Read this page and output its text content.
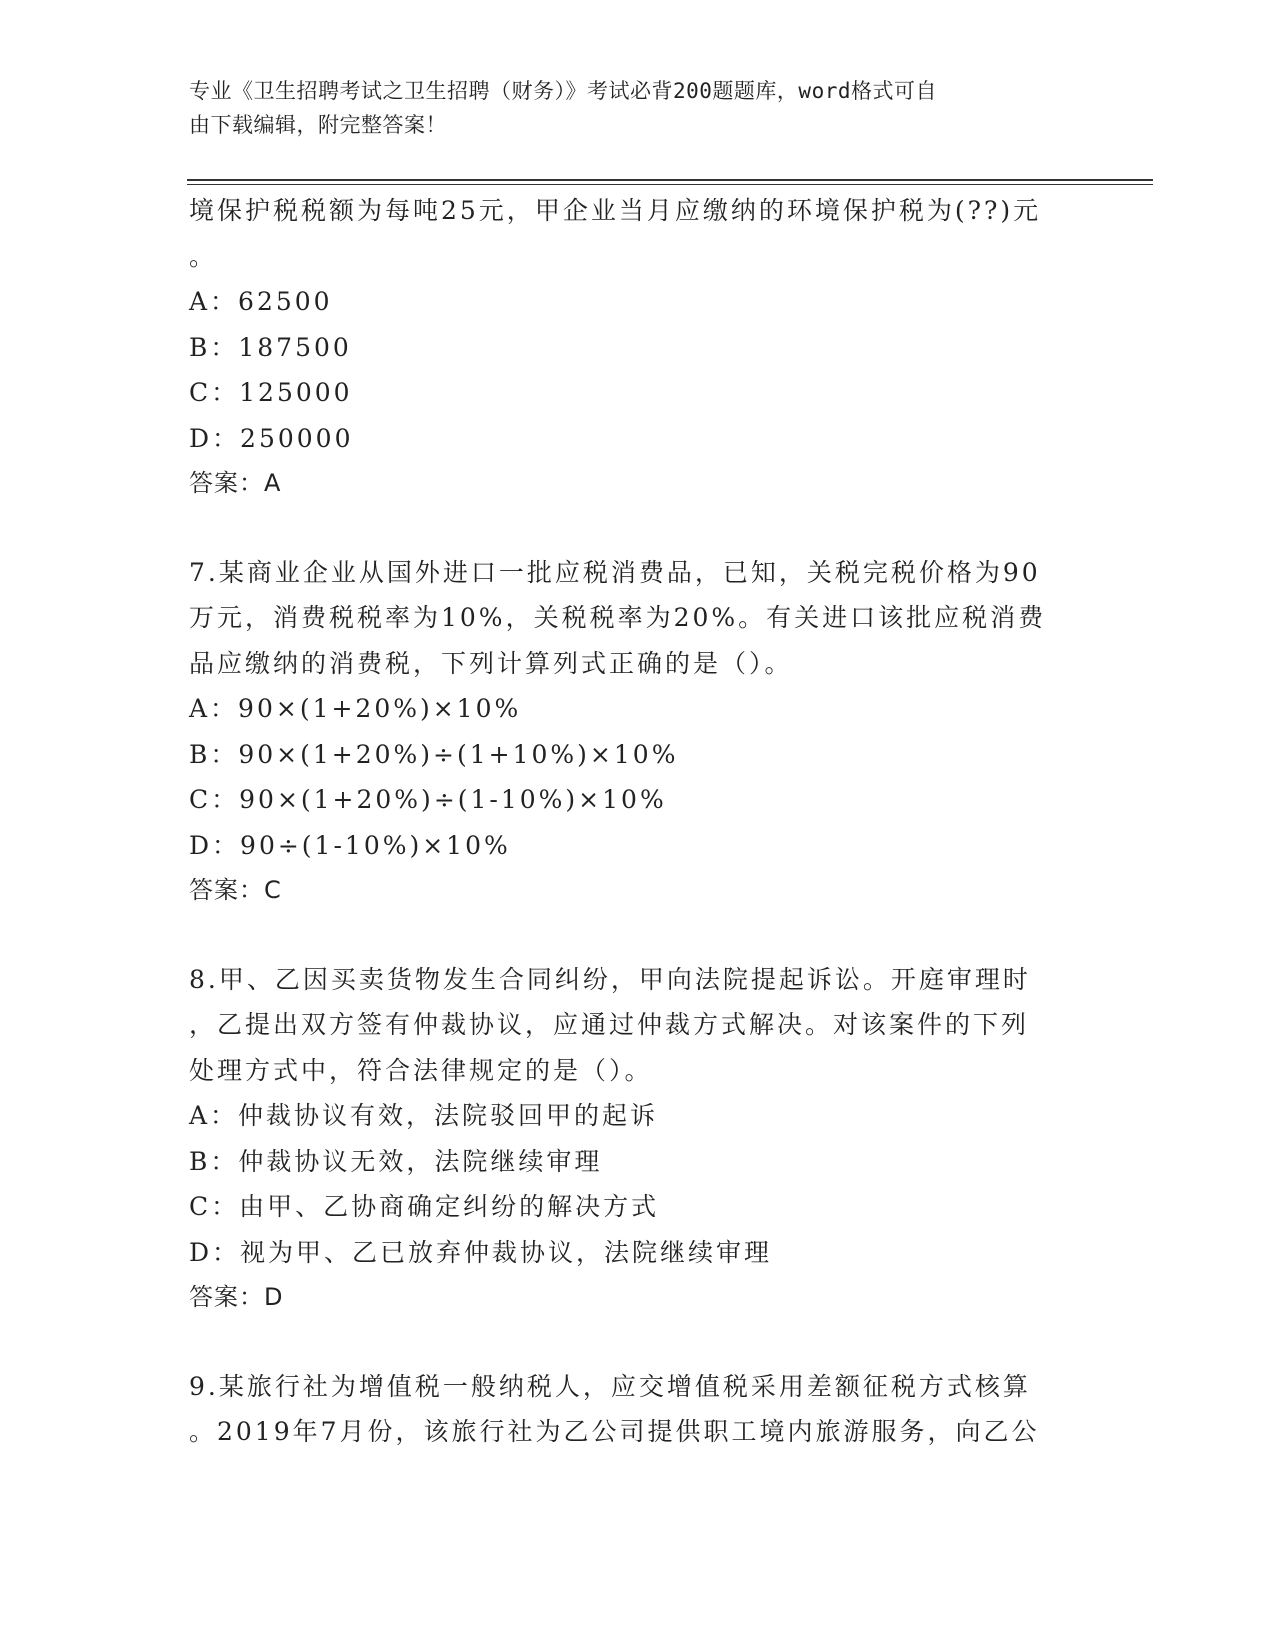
专业《卫生招聘考试之卫生招聘（财务）》考试必背200题题库，word格式可自
由下载编辑，附完整答案！
境保护税税额为每吨25元，甲企业当月应缴纳的环境保护税为(??)元
。
A：62500
B：187500
C：125000
D：250000
答案：A
7.某商业企业从国外进口一批应税消费品，已知，关税完税价格为90
万元，消费税税率为10%，关税税率为20%。有关进口该批应税消费
品应缴纳的消费税，下列计算列式正确的是（）。
A：90×(1+20%)×10%
B：90×(1+20%)÷(1+10%)×10%
C：90×(1+20%)÷(1-10%)×10%
D：90÷(1-10%)×10%
答案：C
8.甲、乙因买卖货物发生合同纠纷，甲向法院提起诉讼。开庭审理时
，乙提出双方签有仲裁协议，应通过仲裁方式解决。对该案件的下列
处理方式中，符合法律规定的是（）。
A：仲裁协议有效，法院驳回甲的起诉
B：仲裁协议无效，法院继续审理
C：由甲、乙协商确定纠纷的解决方式
D：视为甲、乙已放弃仲裁协议，法院继续审理
答案：D
9.某旅行社为增值税一般纳税人，应交增值税采用差额征税方式核算
。2019年7月份，该旅行社为乙公司提供职工境内旅游服务，向乙公
